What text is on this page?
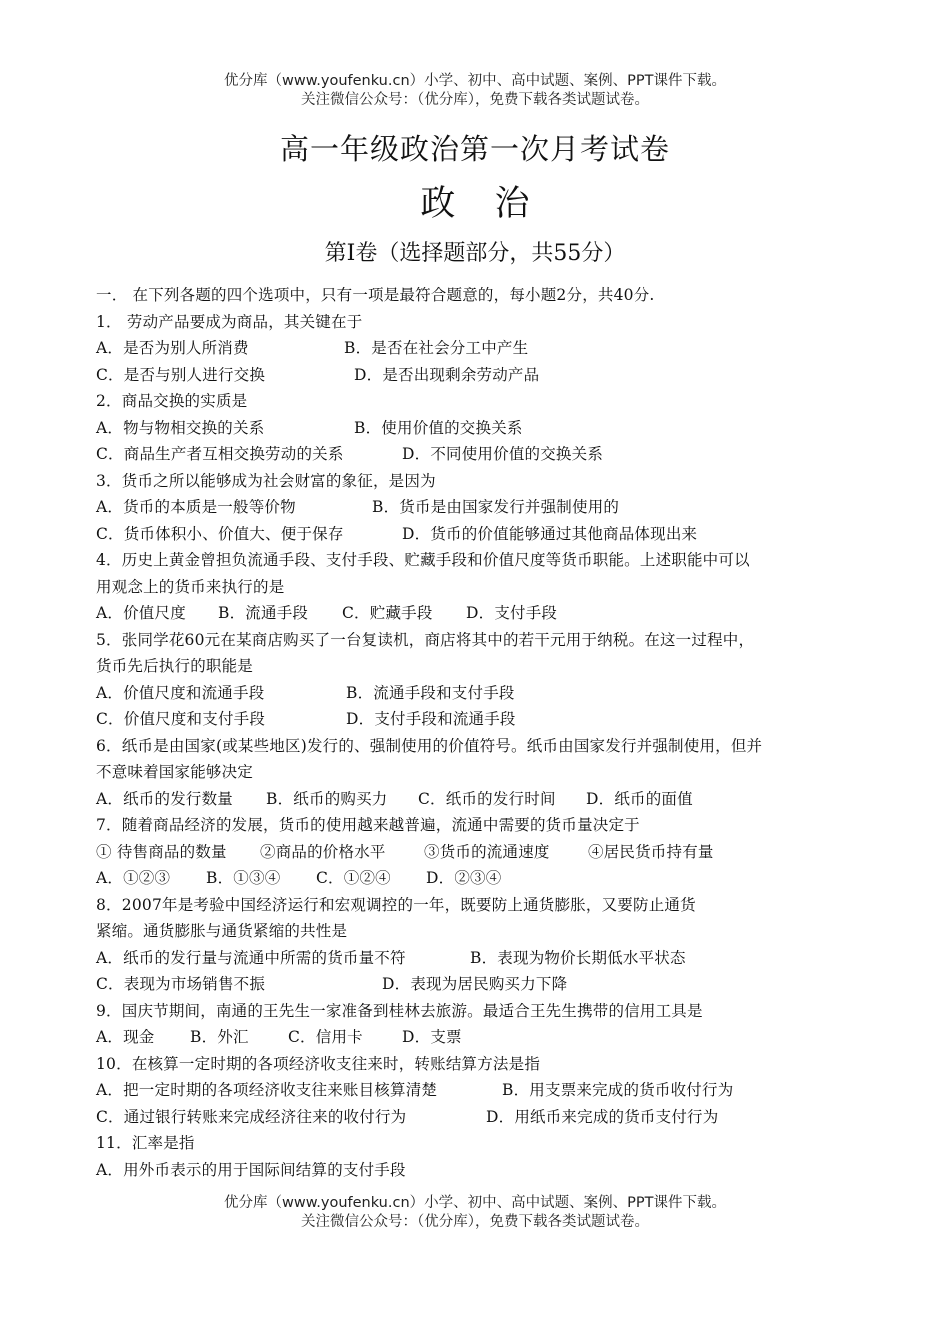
优分库（www.youfenku.cn）小学、初中、高中试题、案例、PPT课件下载。
关注微信公众号：（优分库），免费下载各类试题试卷。
高一年级政治第一次月考试卷
政 治
第Ⅰ卷（选择题部分，共55分）
一． 在下列各题的四个选项中，只有一项是最符合题意的，每小题2分，共40分.
1． 劳动产品要成为商品，其关键在于
A．是否为别人所消费	B．是否在社会分工中产生
C．是否与别人进行交换	D．是否出现剩余劳动产品
2．商品交换的实质是
A．物与物相交换的关系	B．使用价值的交换关系
C．商品生产者互相交换劳动的关系	D．不同使用价值的交换关系
3．货币之所以能够成为社会财富的象征，是因为
A．货币的本质是一般等价物	B．货币是由国家发行并强制使用的
C．货币体积小、价值大、便于保存	D．货币的价值能够通过其他商品体现出来
4．历史上黄金曾担负流通手段、支付手段、贮藏手段和价值尺度等货币职能。上述职能中可以
用观念上的货币来执行的是
A．价值尺度	B．流通手段	C．贮藏手段	D．支付手段
5．张同学花60元在某商店购买了一台复读机，商店将其中的若干元用于纳税。在这一过程中，
货币先后执行的职能是
A．价值尺度和流通手段	B．流通手段和支付手段
C．价值尺度和支付手段	D．支付手段和流通手段
6．纸币是由国家(或某些地区)发行的、强制使用的价值符号。纸币由国家发行并强制使用，但并
不意味着国家能够决定
A．纸币的发行数量	B．纸币的购买力	C．纸币的发行时间	D．纸币的面值
7．随着商品经济的发展，货币的使用越来越普遍，流通中需要的货币量决定于
① 待售商品的数量	②商品的价格水平	③货币的流通速度	④居民货币持有量
A．①②③	B．①③④	C．①②④	D．②③④
8．2007年是考验中国经济运行和宏观调控的一年，既要防上通货膨胀，又要防止通货
紧缩。通货膨胀与通货紧缩的共性是
A．纸币的发行量与流通中所需的货币量不符	B．表现为物价长期低水平状态
C．表现为市场销售不振	D．表现为居民购买力下降
9．国庆节期间，南通的王先生一家准备到桂林去旅游。最适合王先生携带的信用工具是
A．现金	B．外汇	C．信用卡	D．支票
10．在核算一定时期的各项经济收支往来时，转账结算方法是指
A．把一定时期的各项经济收支往来账目核算清楚	B．用支票来完成的货币收付行为
C．通过银行转账来完成经济往来的收付行为	D．用纸币来完成的货币支付行为
11．汇率是指
A．用外币表示的用于国际间结算的支付手段
优分库（www.youfenku.cn）小学、初中、高中试题、案例、PPT课件下载。
关注微信公众号：（优分库），免费下载各类试题试卷。
